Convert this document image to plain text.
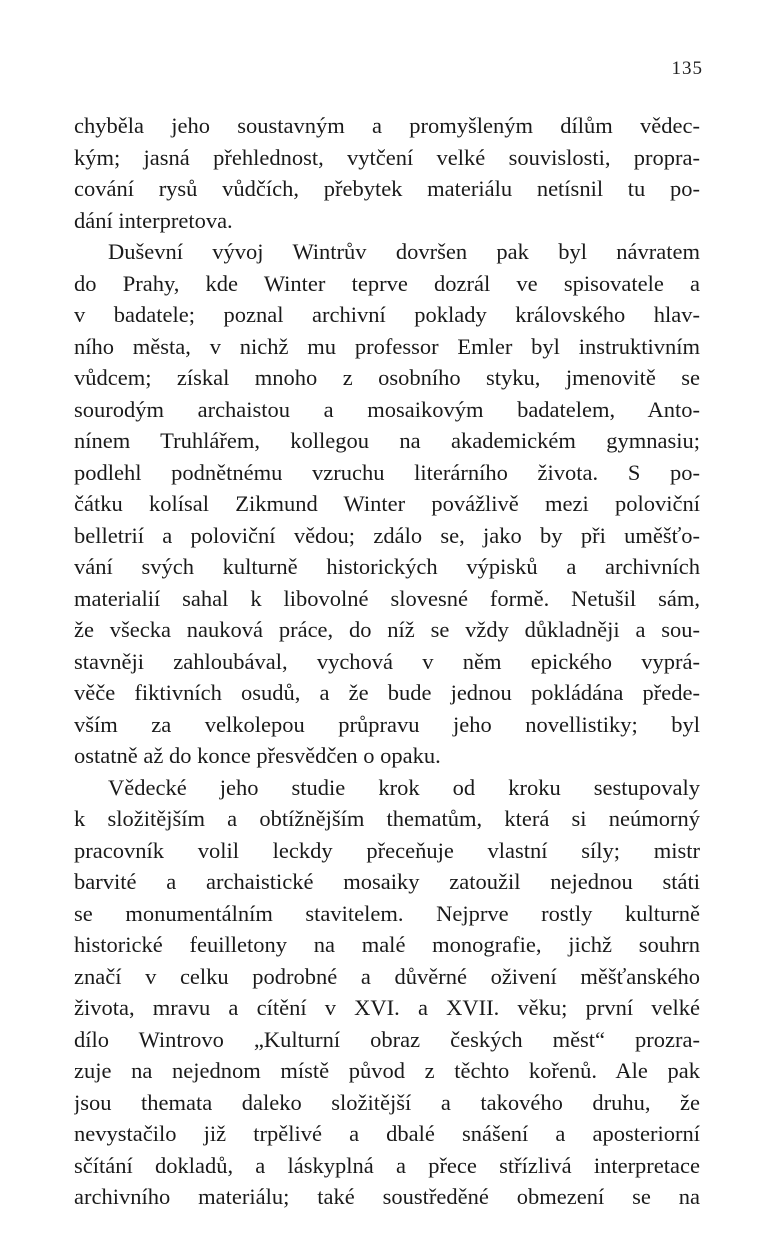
135
chyběla jeho soustavným a promyšleným dílům vědec-
kým; jasná přehlednost, vytčení velké souvislosti, propra-
cování rysů vůdčích, přebytek materiálu netísnil tu po-
dání interpretova.
Duševní vývoj Wintrův dovršen pak byl návratem
do Prahy, kde Winter teprve dozrál ve spisovatele a
v badatele; poznal archivní poklady královského hlav-
ního města, v nichž mu professor Emler byl instruktivním
vůdcem; získal mnoho z osobního styku, jmenovitě se
sourodým archaistou a mosaikovým badatelem, Anto-
nínem Truhlářem, kollegou na akademickém gymnasiu;
podlehl podnětnému vzruchu literárního života. S po-
čátku kolísal Zikmund Winter povážlivě mezi poloviční
belletrií a poloviční vědou; zdálo se, jako by při uměšťo-
vání svých kulturně historických výpisků a archivních
materialií sahal k libovolné slovesné formě. Netušil sám,
že všecka nauková práce, do níž se vždy důkladněji a sou-
stavněji zahloubával, vychová v něm epického vyprá-
věče fiktivních osudů, a že bude jednou pokládána přede-
vším za velkolepou průpravu jeho novellistiky; byl
ostatně až do konce přesvědčen o opaku.
Vědecké jeho studie krok od kroku sestupovaly
k složitějším a obtížnějším thematům, která si neúmorný
pracovník volil leckdy přeceňuje vlastní síly; mistr
barvité a archaistické mosaiky zatoužil nejednou státi
se monumentálním stavitelem. Nejprve rostly kulturně
historické feuilletony na malé monografie, jichž souhrn
značí v celku podrobné a důvěrné oživení měšťanského
života, mravu a cítění v XVI. a XVII. věku; první velké
dílo Wintrovo „Kulturní obraz českých měst“ prozra-
zuje na nejednom místě původ z těchto kořenů. Ale pak
jsou themata daleko složitější a takového druhu, že
nevystačilo již trpělivé a dbalé snášení a aposteriorní
sčítání dokladů, a láskyplná a přece střízlivá interpretace
archivního materiálu; také soustředěné obmezení se na
